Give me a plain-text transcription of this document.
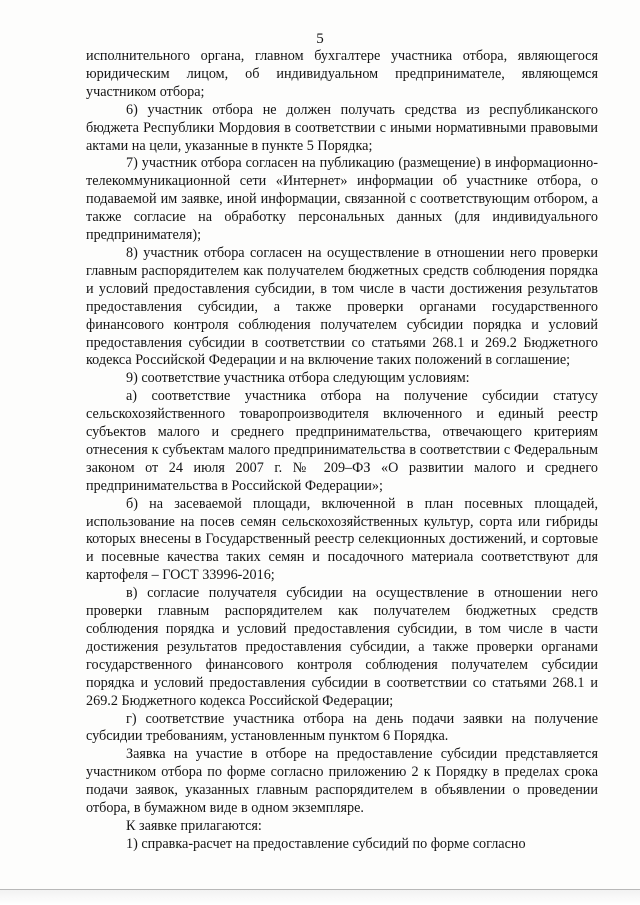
5

исполнительного органа, главном бухгалтере участника отбора, являющегося юридическим лицом, об индивидуальном предпринимателе, являющемся участником отбора;

6) участник отбора не должен получать средства из республиканского бюджета Республики Мордовия в соответствии с иными нормативными правовыми актами на цели, указанные в пункте 5 Порядка;

7) участник отбора согласен на публикацию (размещение) в информационно-телекоммуникационной сети «Интернет» информации об участнике отбора, о подаваемой им заявке, иной информации, связанной с соответствующим отбором, а также согласие на обработку персональных данных (для индивидуального предпринимателя);

8) участник отбора согласен на осуществление в отношении него проверки главным распорядителем как получателем бюджетных средств соблюдения порядка и условий предоставления субсидии, в том числе в части достижения результатов предоставления субсидии, а также проверки органами государственного финансового контроля соблюдения получателем субсидии порядка и условий предоставления субсидии в соответствии со статьями 268.1 и 269.2 Бюджетного кодекса Российской Федерации и на включение таких положений в соглашение;

9) соответствие участника отбора следующим условиям:

а) соответствие участника отбора на получение субсидии статусу сельскохозяйственного товаропроизводителя включенного и единый реестр субъектов малого и среднего предпринимательства, отвечающего критериям отнесения к субъектам малого предпринимательства в соответствии с Федеральным законом от 24 июля 2007 г. № 209–ФЗ «О развитии малого и среднего предпринимательства в Российской Федерации»;

б) на засеваемой площади, включенной в план посевных площадей, использование на посев семян сельскохозяйственных культур, сорта или гибриды которых внесены в Государственный реестр селекционных достижений, и сортовые и посевные качества таких семян и посадочного материала соответствуют для картофеля – ГОСТ 33996-2016;

в) согласие получателя субсидии на осуществление в отношении него проверки главным распорядителем как получателем бюджетных средств соблюдения порядка и условий предоставления субсидии, в том числе в части достижения результатов предоставления субсидии, а также проверки органами государственного финансового контроля соблюдения получателем субсидии порядка и условий предоставления субсидии в соответствии со статьями 268.1 и 269.2 Бюджетного кодекса Российской Федерации;

г) соответствие участника отбора на день подачи заявки на получение субсидии требованиям, установленным пунктом 6 Порядка.

Заявка на участие в отборе на предоставление субсидии представляется участником отбора по форме согласно приложению 2 к Порядку в пределах срока подачи заявок, указанных главным распорядителем в объявлении о проведении отбора, в бумажном виде в одном экземпляре.

К заявке прилагаются:

1) справка-расчет на предоставление субсидий по форме согласно
